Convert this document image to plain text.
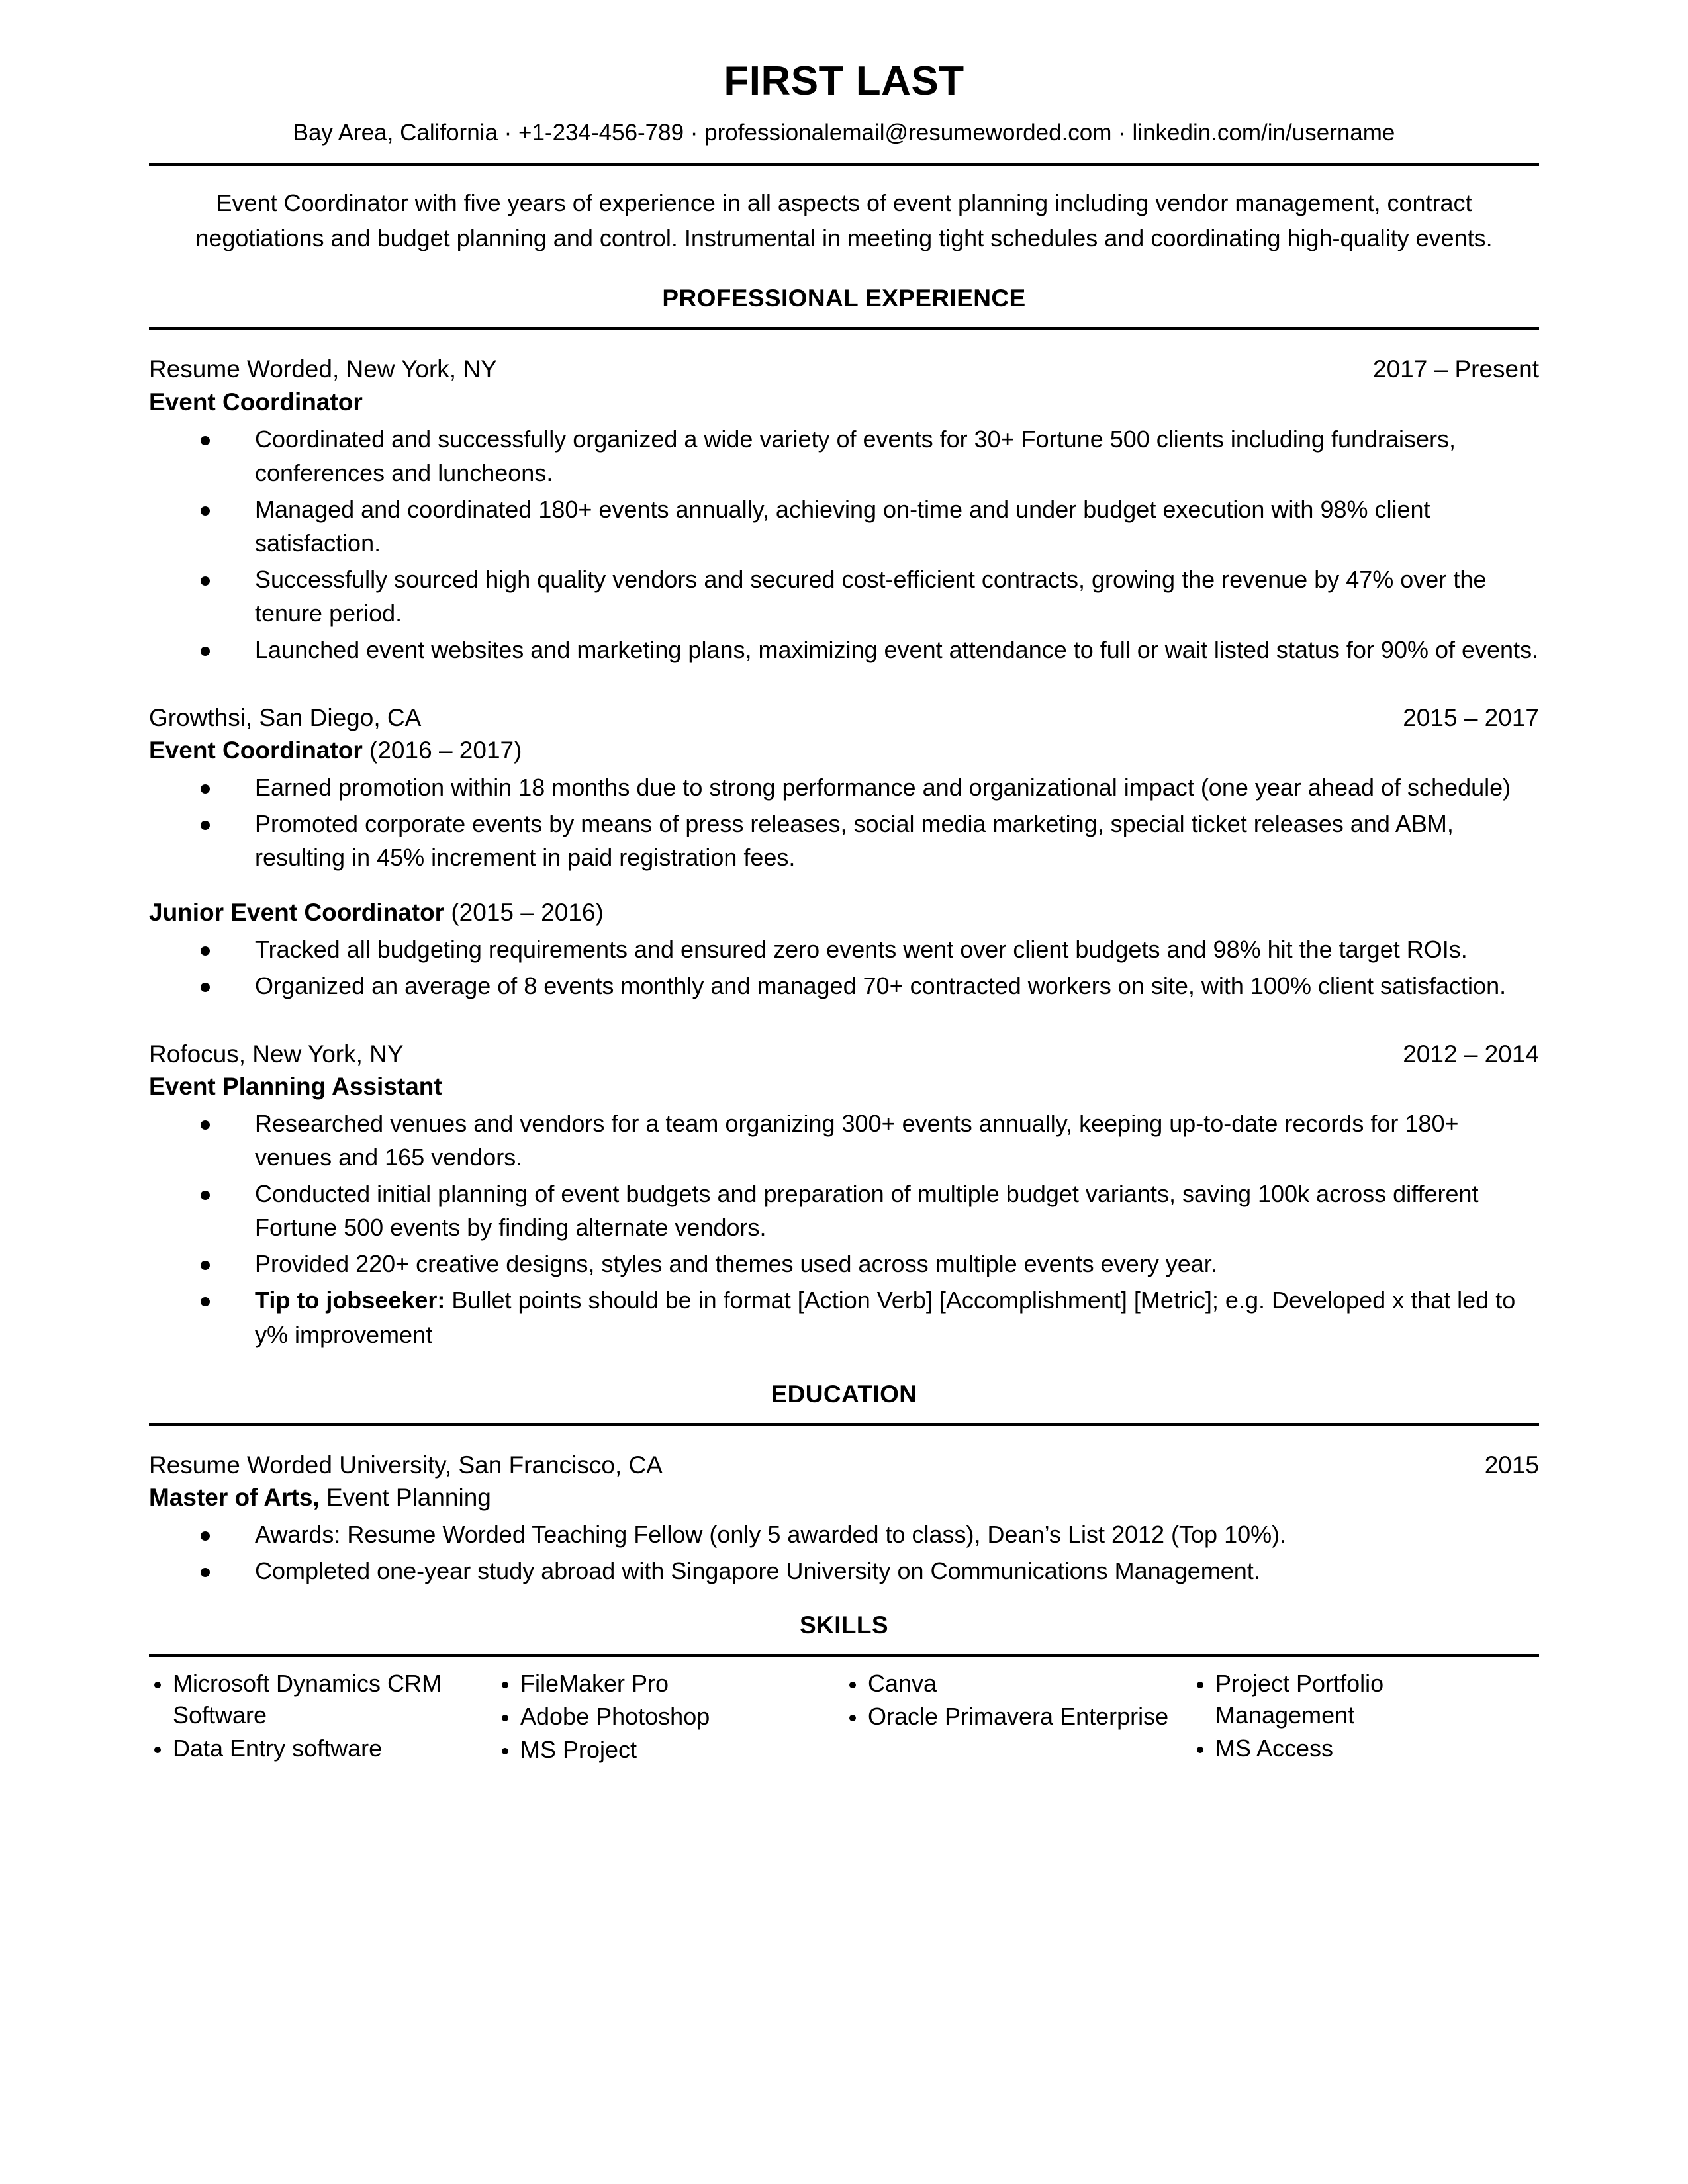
FIRST LAST
Bay Area, California · +1-234-456-789 · professionalemail@resumeworded.com · linkedin.com/in/username
Event Coordinator with five years of experience in all aspects of event planning including vendor management, contract negotiations and budget planning and control. Instrumental in meeting tight schedules and coordinating high-quality events.
PROFESSIONAL EXPERIENCE
Resume Worded, New York, NY	2017 – Present
Event Coordinator
Coordinated and successfully organized a wide variety of events for 30+ Fortune 500 clients including fundraisers, conferences and luncheons.
Managed and coordinated 180+ events annually, achieving on-time and under budget execution with 98% client satisfaction.
Successfully sourced high quality vendors and secured cost-efficient contracts, growing the revenue by 47% over the tenure period.
Launched event websites and marketing plans, maximizing event attendance to full or wait listed status for 90% of events.
Growthsi, San Diego, CA	2015 – 2017
Event Coordinator (2016 – 2017)
Earned promotion within 18 months due to strong performance and organizational impact (one year ahead of schedule)
Promoted corporate events by means of press releases, social media marketing, special ticket releases and ABM, resulting in 45% increment in paid registration fees.
Junior Event Coordinator (2015 – 2016)
Tracked all budgeting requirements and ensured zero events went over client budgets and 98% hit the target ROIs.
Organized an average of 8 events monthly and managed 70+ contracted workers on site, with 100% client satisfaction.
Rofocus, New York, NY	2012 – 2014
Event Planning Assistant
Researched venues and vendors for a team organizing 300+ events annually, keeping up-to-date records for 180+ venues and 165 vendors.
Conducted initial planning of event budgets and preparation of multiple budget variants, saving 100k across different Fortune 500 events by finding alternate vendors.
Provided 220+ creative designs, styles and themes used across multiple events every year.
Tip to jobseeker: Bullet points should be in format [Action Verb] [Accomplishment] [Metric]; e.g. Developed x that led to y% improvement
EDUCATION
Resume Worded University, San Francisco, CA	2015
Master of Arts, Event Planning
Awards: Resume Worded Teaching Fellow (only 5 awarded to class), Dean’s List 2012 (Top 10%).
Completed one-year study abroad with Singapore University on Communications Management.
SKILLS
Microsoft Dynamics CRM Software
Data Entry software
FileMaker Pro
Adobe Photoshop
MS Project
Canva
Oracle Primavera Enterprise
Project Portfolio Management
MS Access
